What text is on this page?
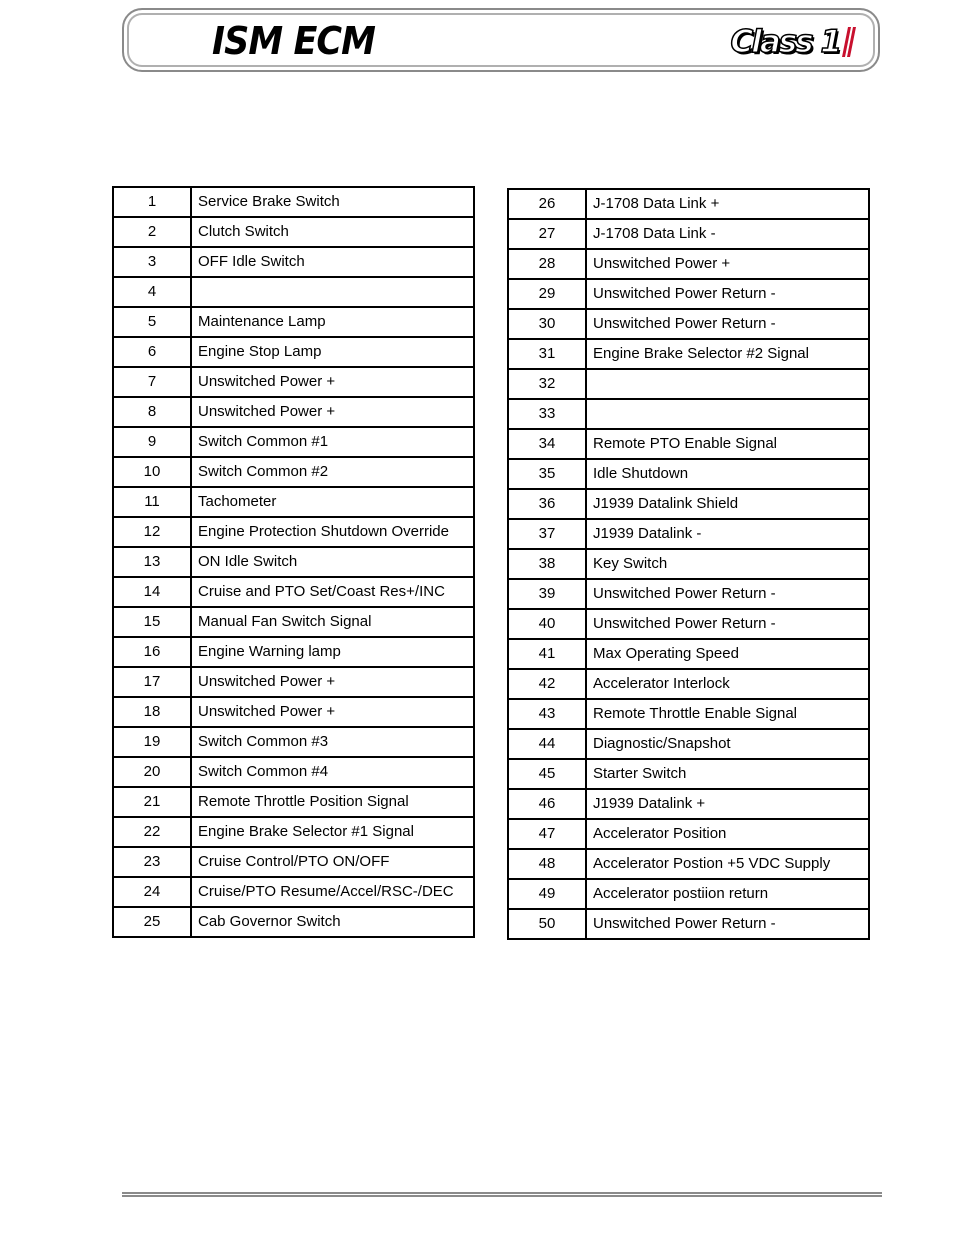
ISM ECM	Class 1
1	Service Brake Switch
2	Clutch Switch
3	OFF Idle Switch
4	
5	Maintenance Lamp
6	Engine Stop Lamp
7	Unswitched Power +
8	Unswitched Power +
9	Switch Common #1
10	Switch Common #2
11	Tachometer
12	Engine Protection Shutdown Override
13	ON Idle Switch
14	Cruise and PTO Set/Coast Res+/INC
15	Manual Fan Switch Signal
16	Engine Warning lamp
17	Unswitched Power +
18	Unswitched Power +
19	Switch Common #3
20	Switch Common #4
21	Remote Throttle Position Signal
22	Engine Brake Selector #1 Signal
23	Cruise Control/PTO ON/OFF
24	Cruise/PTO Resume/Accel/RSC-/DEC
25	Cab Governor Switch
26	J-1708 Data Link +
27	J-1708 Data Link -
28	Unswitched Power +
29	Unswitched Power Return -
30	Unswitched Power Return -
31	Engine Brake Selector #2 Signal
32	
33	
34	Remote PTO Enable Signal
35	Idle Shutdown
36	J1939 Datalink Shield
37	J1939 Datalink -
38	Key Switch
39	Unswitched Power Return -
40	Unswitched Power Return -
41	Max Operating Speed
42	Accelerator Interlock
43	Remote Throttle Enable Signal
44	Diagnostic/Snapshot
45	Starter Switch
46	J1939 Datalink +
47	Accelerator Position
48	Accelerator Postion +5 VDC Supply
49	Accelerator postiion return
50	Unswitched Power Return -
